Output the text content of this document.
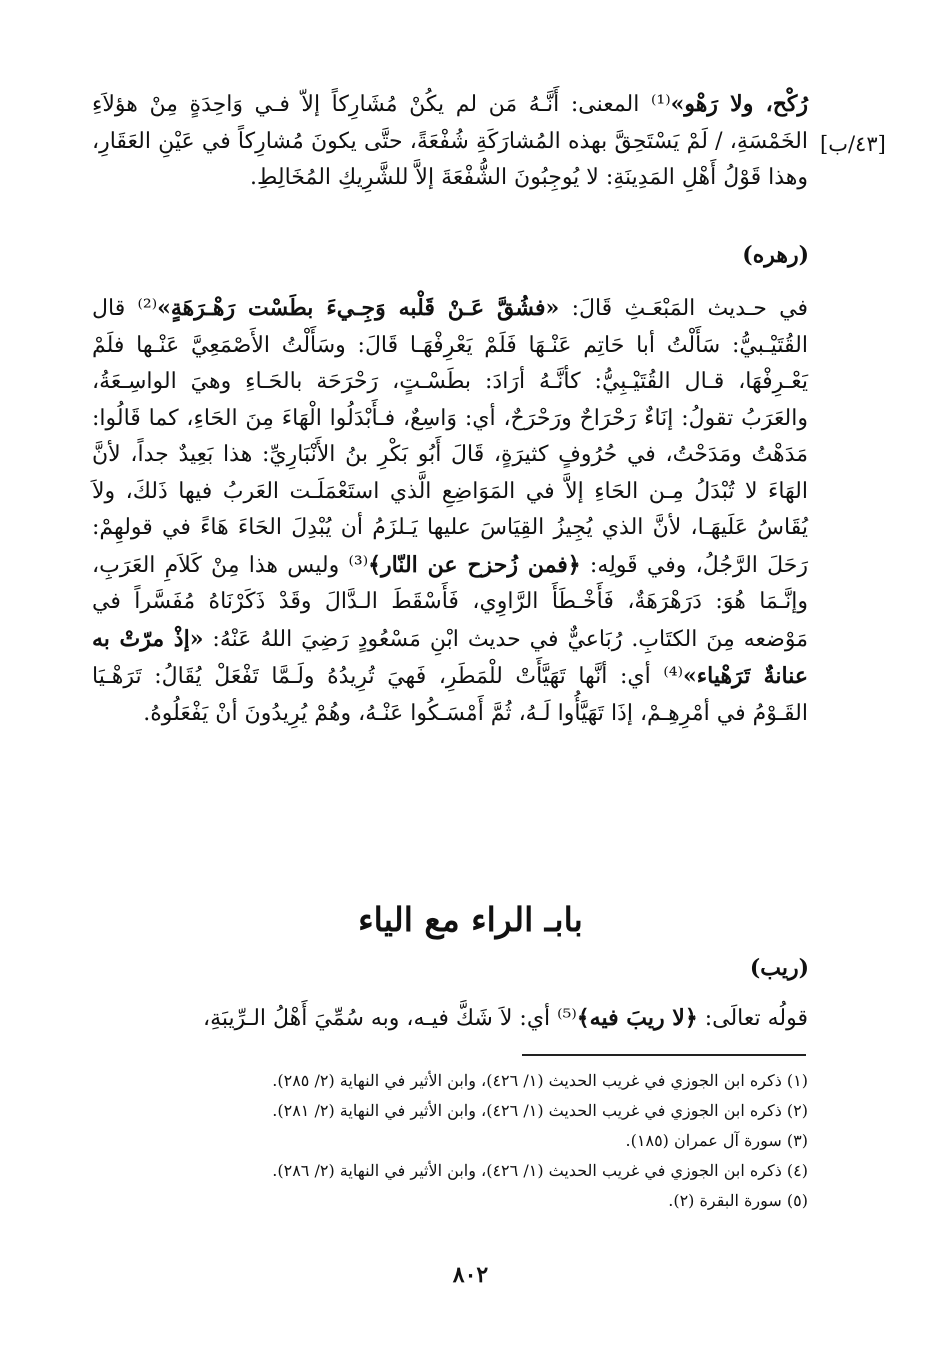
[٤٣/ب]

رُكْح، ولا رَهْو»⁽¹⁾ المعنى: أَنَّـهُ مَن لم يكُنْ مُشَارِكاً إلاّ فـي وَاحِدَةٍ مِنْ هؤلاَءِ الخَمْسَةِ، / لَمْ يَسْتَحِقَّ بهذه المُشارَكَةِ شُفْعَةً، حتَّى يكونَ مُشارِكاً في عَيْنِ العَقَارِ، وهذا قَوْلُ أَهْلِ المَدِينَةِ: لا يُوجِبُونَ الشُّفْعَةَ إلاَّ للشَّرِيكِ المُخَالِطِ.

(رهره)

في حـديث المَبْعَـثِ قَالَ: «فشُقَّ عَـنْ قَلْبه وَجِـيءَ بطَسْت رَهْـرَهَةٍ»⁽²⁾ قال القُتَيْـبيُّ: سَأَلْتُ أبا حَاتِم عَنْـهَا فَلَمْ يَعْرِفْهَـا قَالَ: وسَأَلْتُ الأَصْمَعِيَّ عَنْـها فلَمْ يَعْـرِفْهَا، قـال القُتَيْـبِيُّ: كأنَّـهُ أرَادَ: بطَسْـتٍ، رَحْرَحَة بالحَـاءِ وهيَ الواسِـعَةُ، والعَرَبُ تقولُ: إنَاءٌ رَحْرَاحٌ ورَحْرَحٌ، أي: وَاسِعٌ، فـأَبْدَلُوا الْهَاءَ مِنَ الحَاءِ، كما قَالُوا: مَدَهْتُ ومَدَحْتُ، في حُرُوفٍ كثيرَةٍ، قَالَ أَبُو بَكْرِ بنُ الأَنْبَارِيِّ: هذا بَعِيدٌ جداً، لأنَّ الهَاءَ لا تُبْدَلُ مِـن الحَاءِ إلاَّ في المَوَاضِعِ الَّذي استَعْمَلَـت العَربُ فيها ذَلكَ، ولاَ يُقَاسُ عَلَيهَـا، لأنَّ الذي يُجِيزُ القِيَاسَ عليها يَـلزَمُ أن يُبْدِلَ الحَاءَ هَاءً في قولهِمْ: رَحَلَ الرَّجُلُ، وفي قَولِه: ﴿فمن زُحزح عن النّار﴾⁽³⁾ وليس هذا مِنْ كَلاَمِ العَرَبِ، وإنَّـمَا هُوَ: دَرَهْرَهَةٌ، فَأَخْـطَأَ الرَّاوِي، فَأَسْقَطَ الـدَّالَ وقَدْ ذَكَرْنَاهُ مُفَسَّراً في مَوْضعه مِنَ الكتَابِ. رُبَاعيٌّ في حديث ابْنِ مَسْعُودٍ رَضِيَ اللهُ عَنْهُ: «إذْ مرّتْ به عنانةٌ تَرَهْياء»⁽⁴⁾ أي: أنَّها تَهَيَّأَتْ للْمَطَرِ، فَهيَ تُرِيدُهُ ولَـمَّا تَفْعَلْ يُقَالُ: تَرَهْـيَا القَـوْمُ في أمْرِهِـمْ، إذَا تَهَيَّأُوا لَـهُ، ثُمَّ أَمْسَـكُوا عَنْـهُ، وهُمْ يُرِيدُونَ أنْ يَفْعَلُوهُ.

بابـ الراء مع الياء
(ريب)

قولُه تعالَى: ﴿لا ريبَ فيه﴾⁽⁵⁾ أي: لاَ شَكَّ فيـه، وبه سُمِّيَ أَهْلُ الـرِّيبَةِ،

(١) ذكره ابن الجوزي في غريب الحديث (١/ ٤٢٦)، وابن الأثير في النهاية (٢/ ٢٨٥).
(٢) ذكره ابن الجوزي في غريب الحديث (١/ ٤٢٦)، وابن الأثير في النهاية (٢/ ٢٨١).
(٣) سورة آل عمران (١٨٥).
(٤) ذكره ابن الجوزي في غريب الحديث (١/ ٤٢٦)، وابن الأثير في النهاية (٢/ ٢٨٦).
(٥) سورة البقرة (٢).
٨٠٢
